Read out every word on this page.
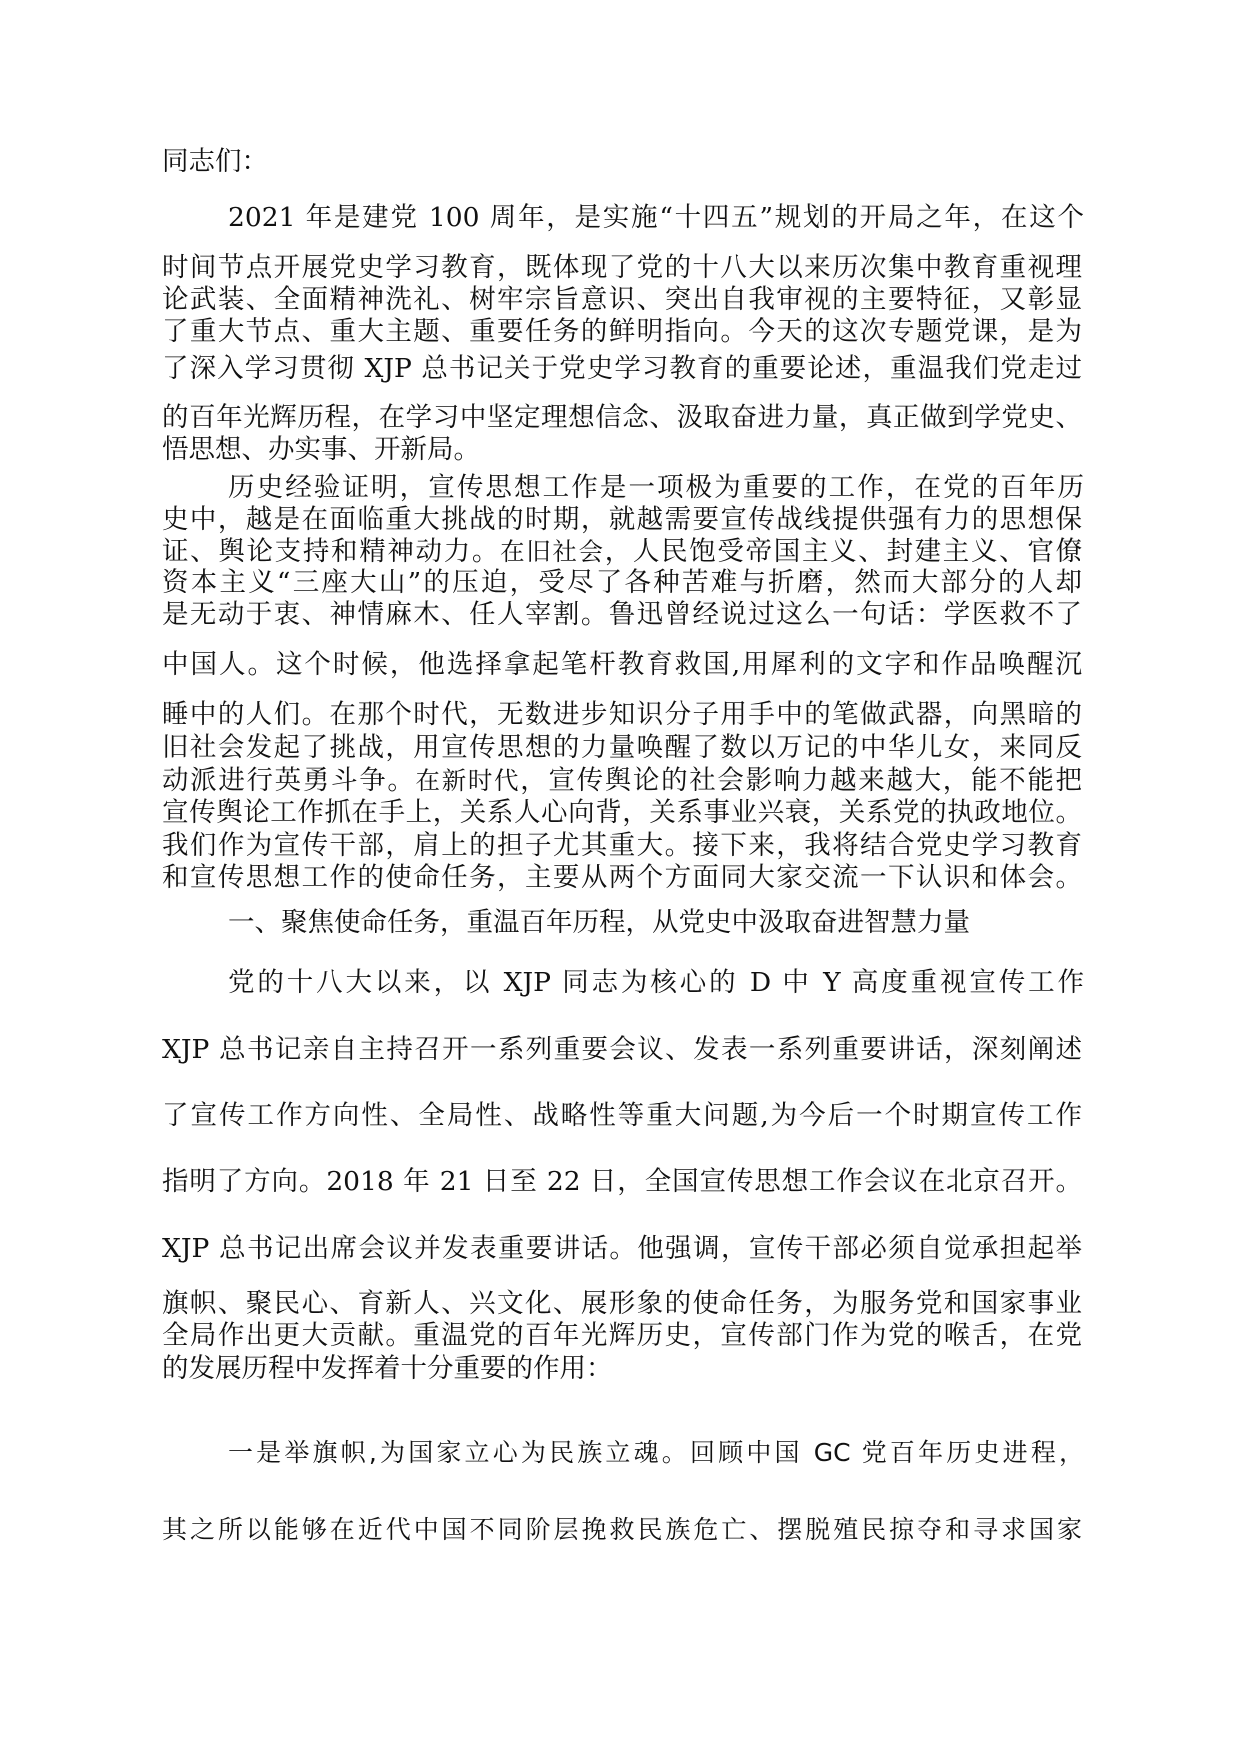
同志们：

2021 年是建党 100 周年，是实施“十四五”规划的开局之年，在这个

时间节点开展党史学习教育，既体现了党的十八大以来历次集中教育重视理

论武装、全面精神洗礼、树牢宗旨意识、突出自我审视的主要特征，又彰显

了重大节点、重大主题、重要任务的鲜明指向。今天的这次专题党课，是为

了深入学习贯彻 XJP 总书记关于党史学习教育的重要论述，重温我们党走过

的百年光辉历程，在学习中坚定理想信念、汲取奋进力量，真正做到学党史、

悟思想、办实事、开新局。

历史经验证明，宣传思想工作是一项极为重要的工作，在党的百年历

史中，越是在面临重大挑战的时期，就越需要宣传战线提供强有力的思想保

证、舆论支持和精神动力。在旧社会，人民饱受帝国主义、封建主义、官僚

资本主义“三座大山”的压迫，受尽了各种苦难与折磨，然而大部分的人却

是无动于衷、神情麻木、任人宰割。鲁迅曾经说过这么一句话：学医救不了

中国人。这个时候，他选择拿起笔杆教育救国,用犀利的文字和作品唤醒沉

睡中的人们。在那个时代，无数进步知识分子用手中的笔做武器，向黑暗的

旧社会发起了挑战，用宣传思想的力量唤醒了数以万记的中华儿女，来同反

动派进行英勇斗争。在新时代，宣传舆论的社会影响力越来越大，能不能把

宣传舆论工作抓在手上，关系人心向背，关系事业兴衰，关系党的执政地位。

我们作为宣传干部，肩上的担子尤其重大。接下来，我将结合党史学习教育

和宣传思想工作的使命任务，主要从两个方面同大家交流一下认识和体会。

一、聚焦使命任务，重温百年历程，从党史中汲取奋进智慧力量

党的十八大以来，以 XJP 同志为核心的 D 中 Y 高度重视宣传工作

XJP 总书记亲自主持召开一系列重要会议、发表一系列重要讲话，深刻阐述

了宣传工作方向性、全局性、战略性等重大问题,为今后一个时期宣传工作

指明了方向。2018 年 21 日至 22 日，全国宣传思想工作会议在北京召开。

XJP 总书记出席会议并发表重要讲话。他强调，宣传干部必须自觉承担起举

旗帜、聚民心、育新人、兴文化、展形象的使命任务，为服务党和国家事业

全局作出更大贡献。重温党的百年光辉历史，宣传部门作为党的喉舌，在党

的发展历程中发挥着十分重要的作用：

一是举旗帜,为国家立心为民族立魂。回顾中国 GC 党百年历史进程，

其之所以能够在近代中国不同阶层挽救民族危亡、摆脱殖民掠夺和寻求国家
